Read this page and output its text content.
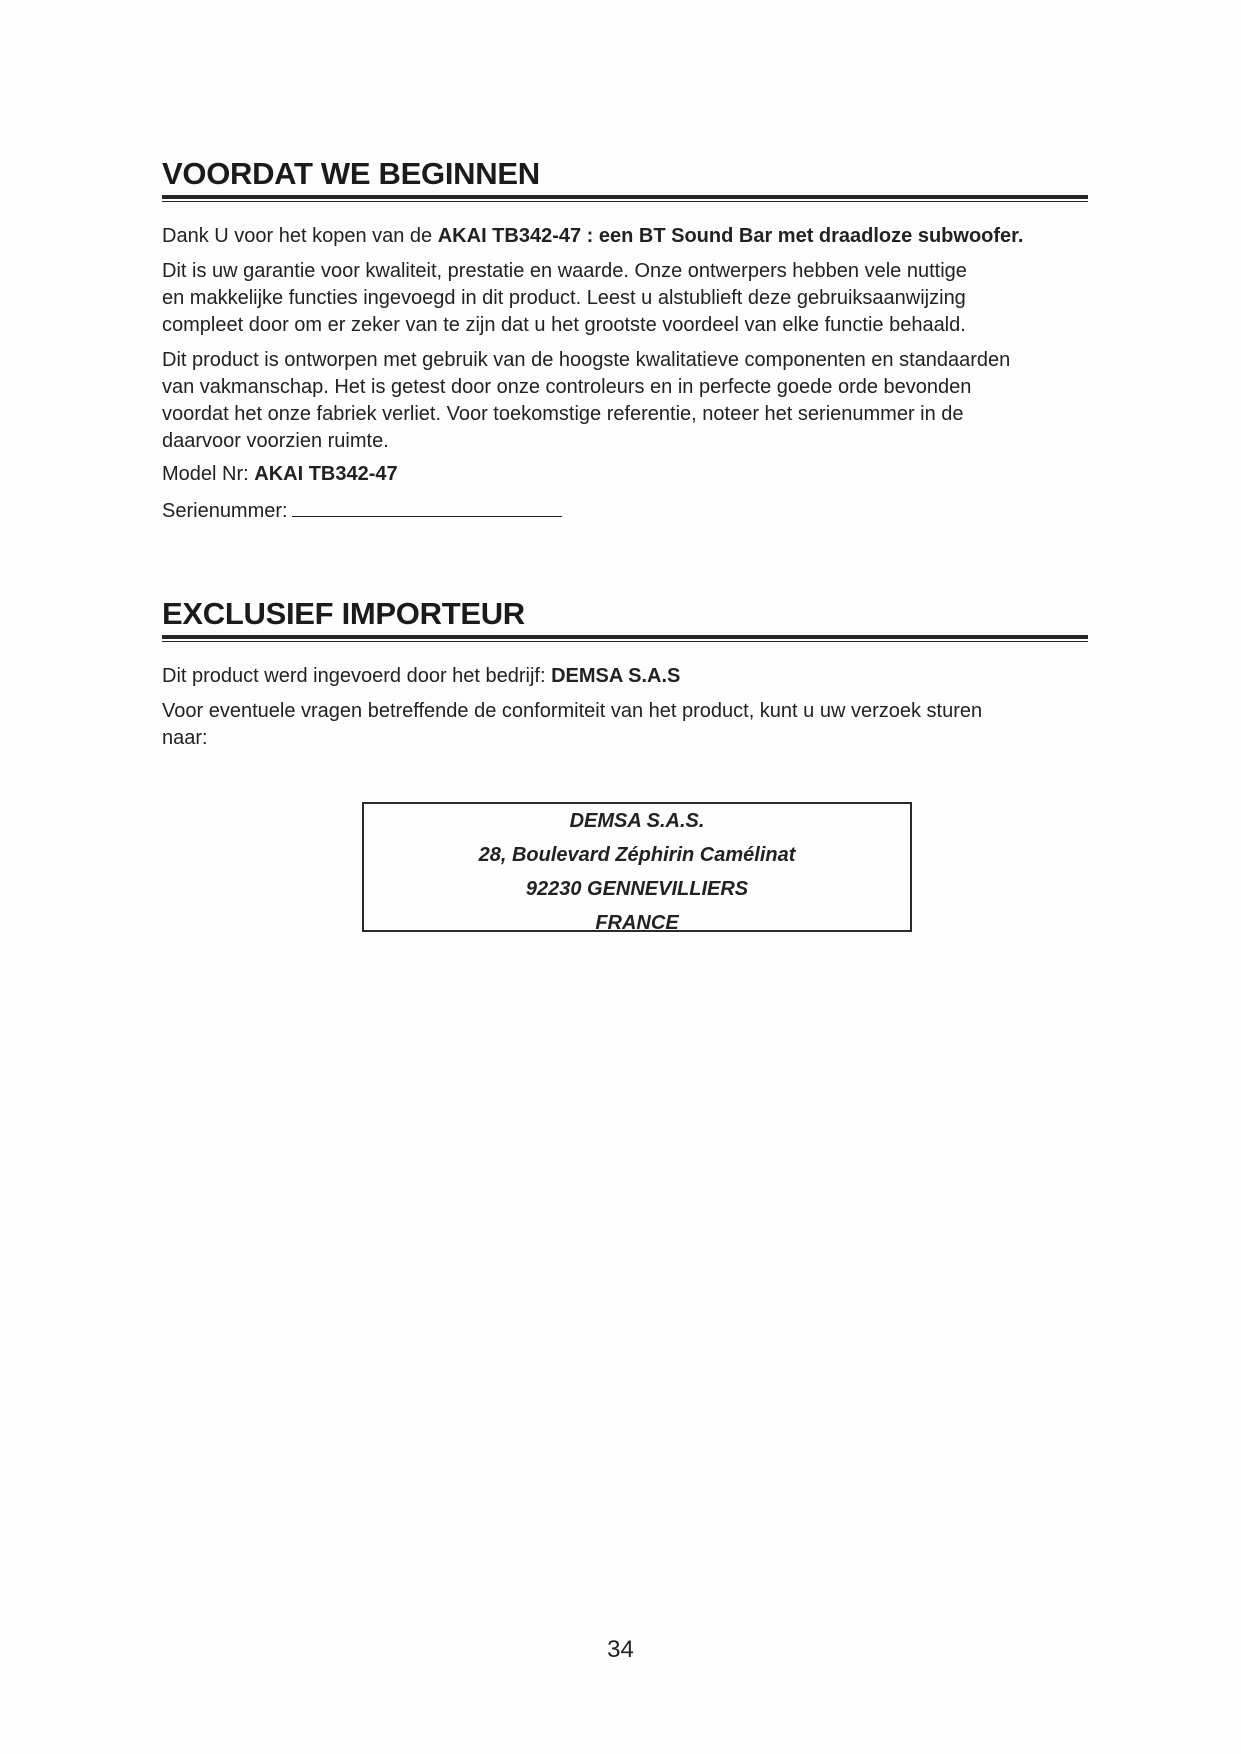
VOORDAT WE BEGINNEN

Dank U voor het kopen van de AKAI TB342-47 : een BT Sound Bar met draadloze subwoofer.

Dit is uw garantie voor kwaliteit, prestatie en waarde. Onze ontwerpers hebben vele nuttige
en makkelijke functies ingevoegd in dit product. Leest u alstublieft deze gebruiksaanwijzing
compleet door om er zeker van te zijn dat u het grootste voordeel van elke functie behaald.

Dit product is ontworpen met gebruik van de hoogste kwalitatieve componenten en standaarden
van vakmanschap. Het is getest door onze controleurs en in perfecte goede orde bevonden
voordat het onze fabriek verliet. Voor toekomstige referentie, noteer het serienummer in de
daarvoor voorzien ruimte.

Model Nr: AKAI TB342-47

Serienummer:

EXCLUSIEF IMPORTEUR

Dit product werd ingevoerd door het bedrijf: DEMSA S.A.S

Voor eventuele vragen betreffende de conformiteit van het product, kunt u uw verzoek sturen
naar:

DEMSA S.A.S.
28, Boulevard Zéphirin Camélinat
92230 GENNEVILLIERS
FRANCE
34
